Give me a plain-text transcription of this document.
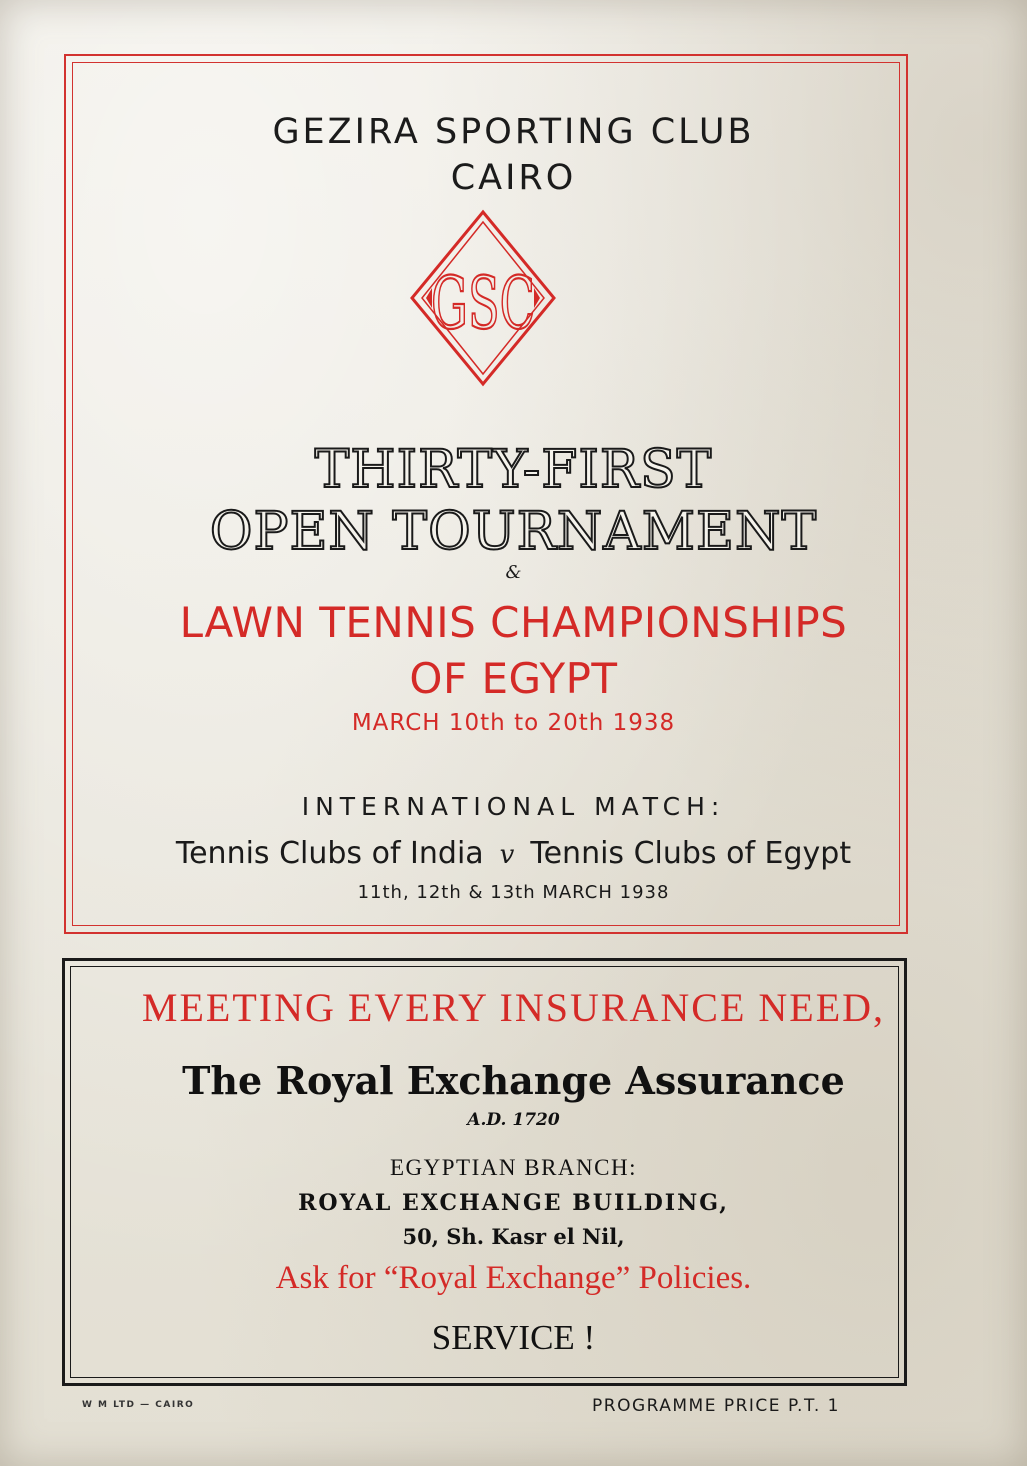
GEZIRA SPORTING CLUB

CAIRO

GSC

THIRTY-FIRST

OPEN TOURNAMENT

&

LAWN TENNIS CHAMPIONSHIPS

OF EGYPT

MARCH 10th to 20th 1938

INTERNATIONAL MATCH:

Tennis Clubs of India v Tennis Clubs of Egypt

11th, 12th & 13th MARCH 1938

MEETING EVERY INSURANCE NEED,

The Royal Exchange Assurance

A.D. 1720

EGYPTIAN BRANCH:

ROYAL EXCHANGE BUILDING,

50, Sh. Kasr el Nil,

Ask for “Royal Exchange” Policies.

SERVICE !

W M LTD — CAIRO	PROGRAMME PRICE P.T. 1
